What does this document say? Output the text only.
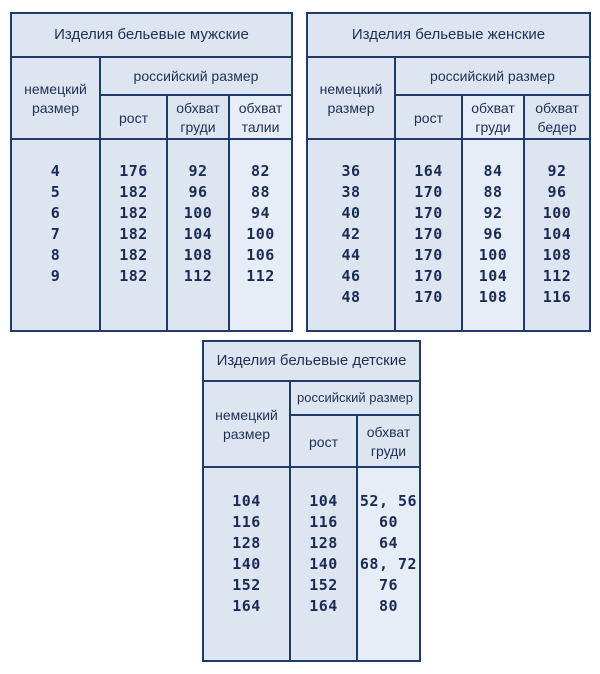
Изделия бельевые мужские
немецкий размер
российский размер
рост
обхват груди
обхват талии
4
5
6
7
8
9
176
182
182
182
182
182
92
96
100
104
108
112
82
88
94
100
106
112
Изделия бельевые женские
немецкий размер
российский размер
рост
обхват груди
обхват бедер
36
38
40
42
44
46
48
164
170
170
170
170
170
170
84
88
92
96
100
104
108
92
96
100
104
108
112
116
Изделия бельевые детские
немецкий размер
российский размер
рост
обхват груди
104
116
128
140
152
164
104
116
128
140
152
164
52, 56
60
64
68, 72
76
80
